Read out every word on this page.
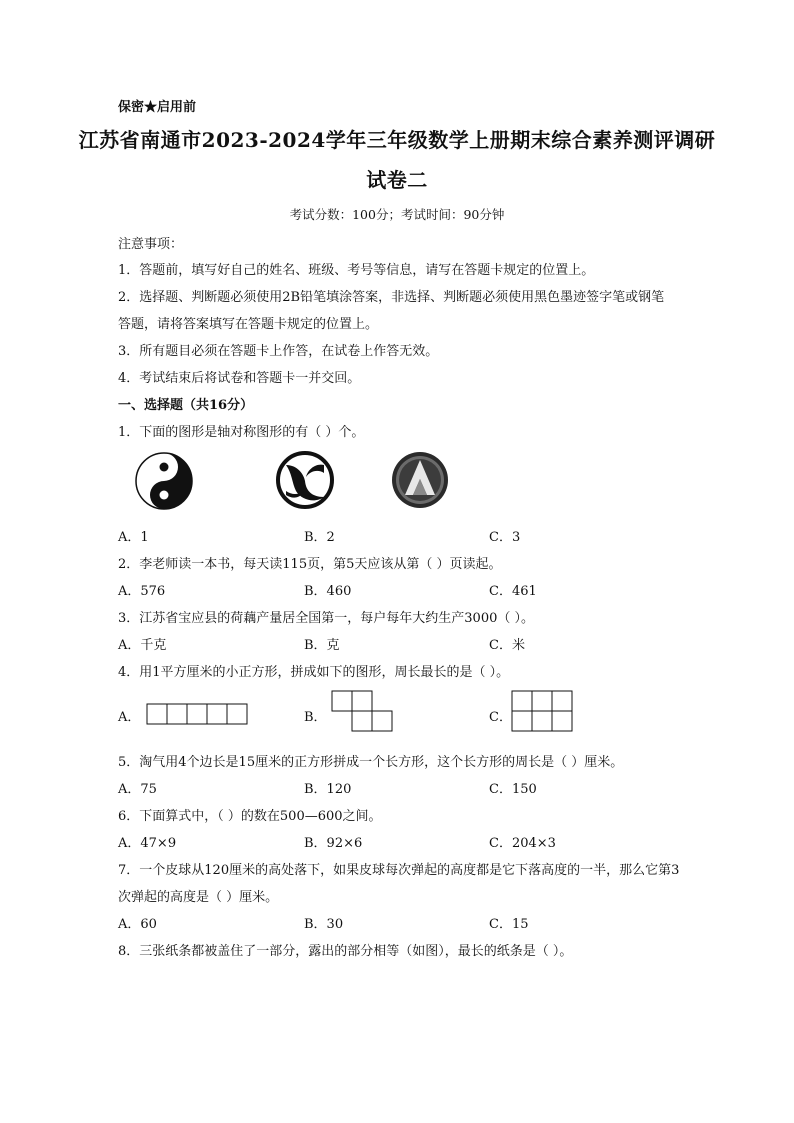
保密★启用前
江苏省南通市2023-2024学年三年级数学上册期末综合素养测评调研
试卷二
考试分数：100分；考试时间：90分钟
注意事项：
1．答题前，填写好自己的姓名、班级、考号等信息，请写在答题卡规定的位置上。
2．选择题、判断题必须使用2B铅笔填涂答案，非选择、判断题必须使用黑色墨迹签字笔或钢笔
答题，请将答案填写在答题卡规定的位置上。
3．所有题目必须在答题卡上作答，在试卷上作答无效。
4．考试结束后将试卷和答题卡一并交回。
一、选择题（共16分）
1．下面的图形是轴对称图形的有（ ）个。
A．1	B．2	C．3
2．李老师读一本书，每天读115页，第5天应该从第（ ）页读起。
A．576	B．460	C．461
3．江苏省宝应县的荷藕产量居全国第一，每户每年大约生产3000（ ）。
A．千克	B．克	C．米
4．用1平方厘米的小正方形，拼成如下的图形，周长最长的是（ ）。
A．	B．	C．
5．淘气用4个边长是15厘米的正方形拼成一个长方形，这个长方形的周长是（ ）厘米。
A．75	B．120	C．150
6．下面算式中，（ ）的数在500—600之间。
A．47×9	B．92×6	C．204×3
7．一个皮球从120厘米的高处落下，如果皮球每次弹起的高度都是它下落高度的一半，那么它第3
次弹起的高度是（ ）厘米。
A．60	B．30	C．15
8．三张纸条都被盖住了一部分，露出的部分相等（如图），最长的纸条是（ ）。
